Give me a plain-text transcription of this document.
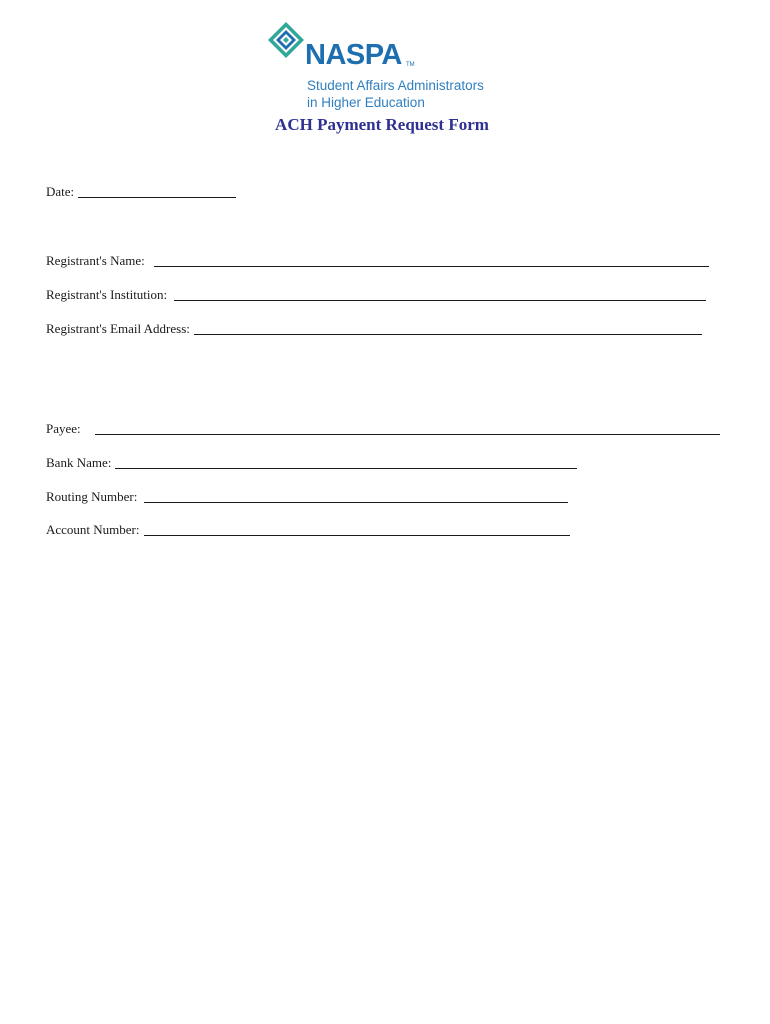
NASPA TM
Student Affairs Administrators
in Higher Education
ACH Payment Request Form
Date:
Registrant's Name:
Registrant's Institution:
Registrant's Email Address:
Payee:
Bank Name:
Routing Number:
Account Number:
